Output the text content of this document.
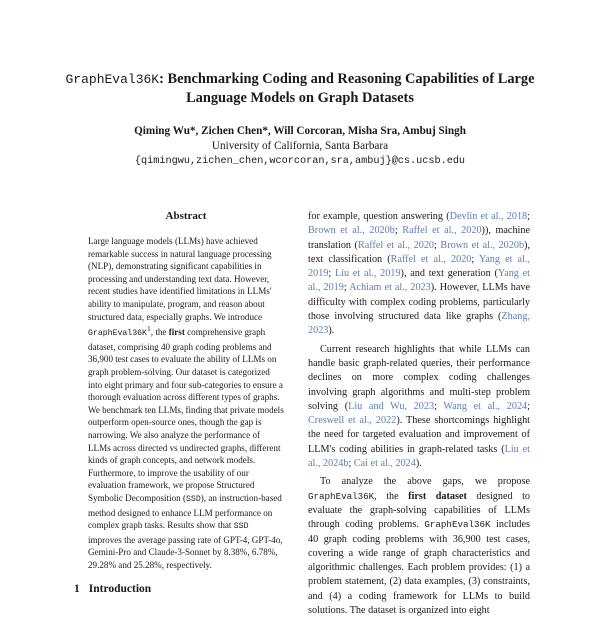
GraphEval36K: Benchmarking Coding and Reasoning Capabilities of Large Language Models on Graph Datasets
Qiming Wu*, Zichen Chen*, Will Corcoran, Misha Sra, Ambuj Singh
University of California, Santa Barbara
{qimingwu,zichen_chen,wcorcoran,sra,ambuj}@cs.ucsb.edu
Abstract

Large language models (LLMs) have achieved remarkable success in natural language processing (NLP), demonstrating significant capabilities in processing and understanding text data. However, recent studies have identified limitations in LLMs' ability to manipulate, program, and reason about structured data, especially graphs. We introduce $GraphEval36K^1$, the first comprehensive graph dataset, comprising 40 graph coding problems and 36,900 test cases to evaluate the ability of LLMs on graph problem-solving. Our dataset is categorized into eight primary and four sub-categories to ensure a thorough evaluation across different types of graphs. We benchmark ten LLMs, finding that private models outperform open-source ones, though the gap is narrowing. We also analyze the performance of LLMs across directed vs undirected graphs, different kinds of graph concepts, and network models. Furthermore, to improve the usability of our evaluation framework, we propose Structured Symbolic Decomposition (SSD), an instruction-based method designed to enhance LLM performance on complex graph tasks. Results show that SSD improves the average passing rate of GPT-4, GPT-4o, Gemini-Pro and Claude-3-Sonnet by 8.38%, 6.78%, 29.28% and 25.28%, respectively.

1 Introduction

for example, question answering (Devlin et al., 2018; Brown et al., 2020b; Raffel et al., 2020)), machine translation (Raffel et al., 2020; Brown et al., 2020b), text classification (Raffel et al., 2020; Yang et al., 2019; Liu et al., 2019), and text generation (Yang et al., 2019; Achiam et al., 2023). However, LLMs have difficulty with complex coding problems, particularly those involving structured data like graphs (Zhang, 2023).

Current research highlights that while LLMs can handle basic graph-related queries, their performance declines on more complex coding challenges involving graph algorithms and multi-step problem solving (Liu and Wu, 2023; Wang et al., 2024; Creswell et al., 2022). These shortcomings highlight the need for targeted evaluation and improvement of LLM's coding abilities in graph-related tasks (Liu et al., 2024b; Cai et al., 2024).

To analyze the above gaps, we propose GraphEval36K, the first dataset designed to evaluate the graph-solving capabilities of LLMs through coding problems. GraphEval36K includes 40 graph coding problems with 36,900 test cases, covering a wide range of graph characteristics and algorithmic challenges. Each problem provides: (1) a problem statement, (2) data examples, (3) constraints, and (4) a coding framework for LLMs to build solutions. The dataset is organized into eight
